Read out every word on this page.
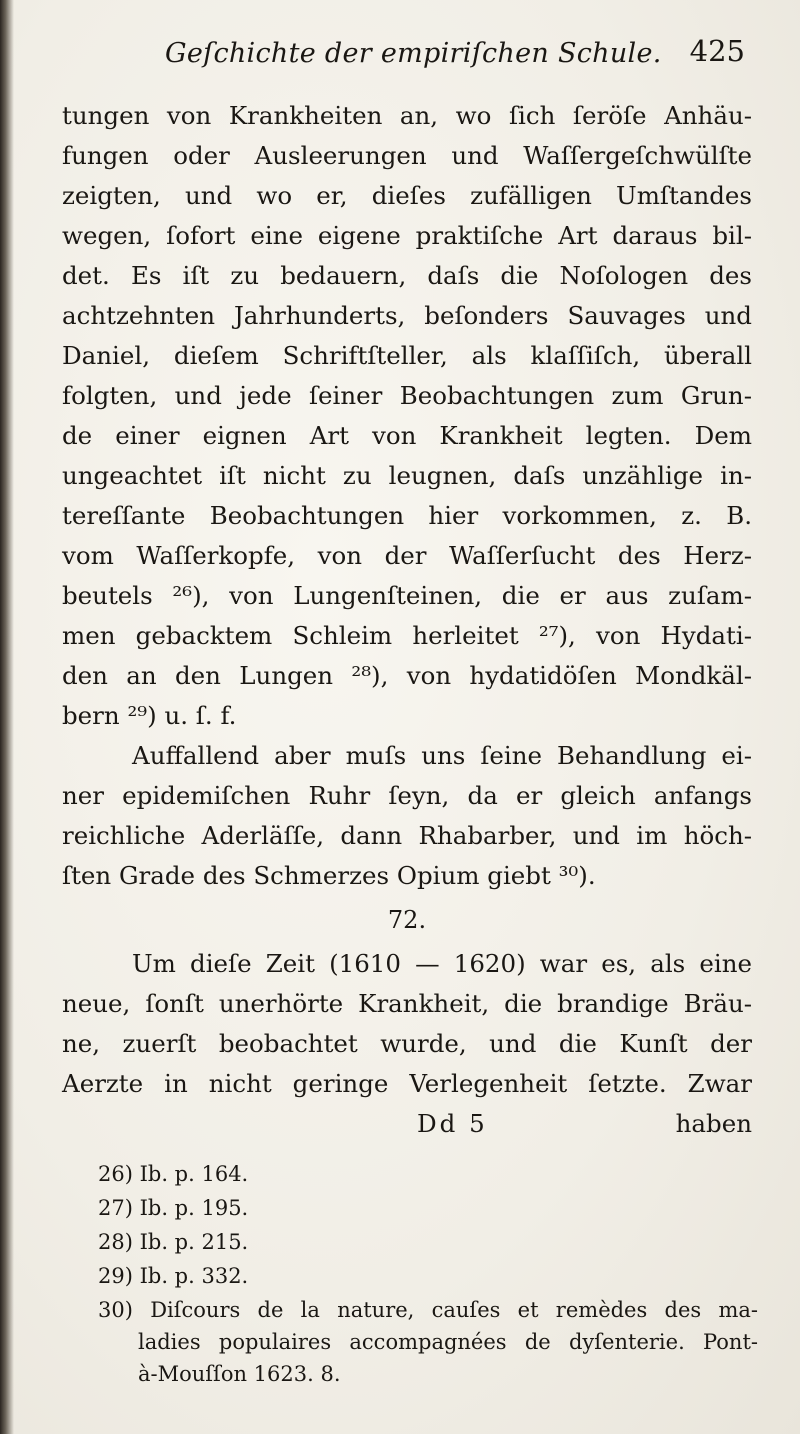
Geſchichte der empiriſchen Schule. 425
tungen von Krankheiten an, wo ſich ſeröſe Anhäu-
fungen oder Ausleerungen und Waſſergeſchwülſte
zeigten, und wo er, dieſes zufälligen Umſtandes
wegen, ſofort eine eigene praktiſche Art daraus bil-
det. Es iſt zu bedauern, daſs die Noſologen des
achtzehnten Jahrhunderts, beſonders Sauvages und
Daniel, dieſem Schriftſteller, als klaſſiſch, überall
folgten, und jede ſeiner Beobachtungen zum Grun-
de einer eignen Art von Krankheit legten. Dem
ungeachtet iſt nicht zu leugnen, daſs unzählige in-
tereſſante Beobachtungen hier vorkommen, z. B.
vom Waſſerkopfe, von der Waſſerſucht des Herz-
beutels ²⁶), von Lungenſteinen, die er aus zuſam-
men gebacktem Schleim herleitet ²⁷), von Hydati-
den an den Lungen ²⁸), von hydatidöſen Mondkäl-
bern ²⁹) u. ſ. f.
Auffallend aber muſs uns ſeine Behandlung ei-
ner epidemiſchen Ruhr ſeyn, da er gleich anfangs
reichliche Aderläſſe, dann Rhabarber, und im höch-
ſten Grade des Schmerzes Opium giebt ³⁰).
72.
Um dieſe Zeit (1610 — 1620) war es, als eine
neue, ſonſt unerhörte Krankheit, die brandige Bräu-
ne, zuerſt beobachtet wurde, und die Kunſt der
Aerzte in nicht geringe Verlegenheit ſetzte. Zwar
Dd 5	haben
26) Ib. p. 164.
27) Ib. p. 195.
28) Ib. p. 215.
29) Ib. p. 332.
30) Diſcours de la nature, cauſes et remèdes des ma-
ladies populaires accompagnées de dyſenterie. Pont-
à-Mouſſon 1623. 8.
